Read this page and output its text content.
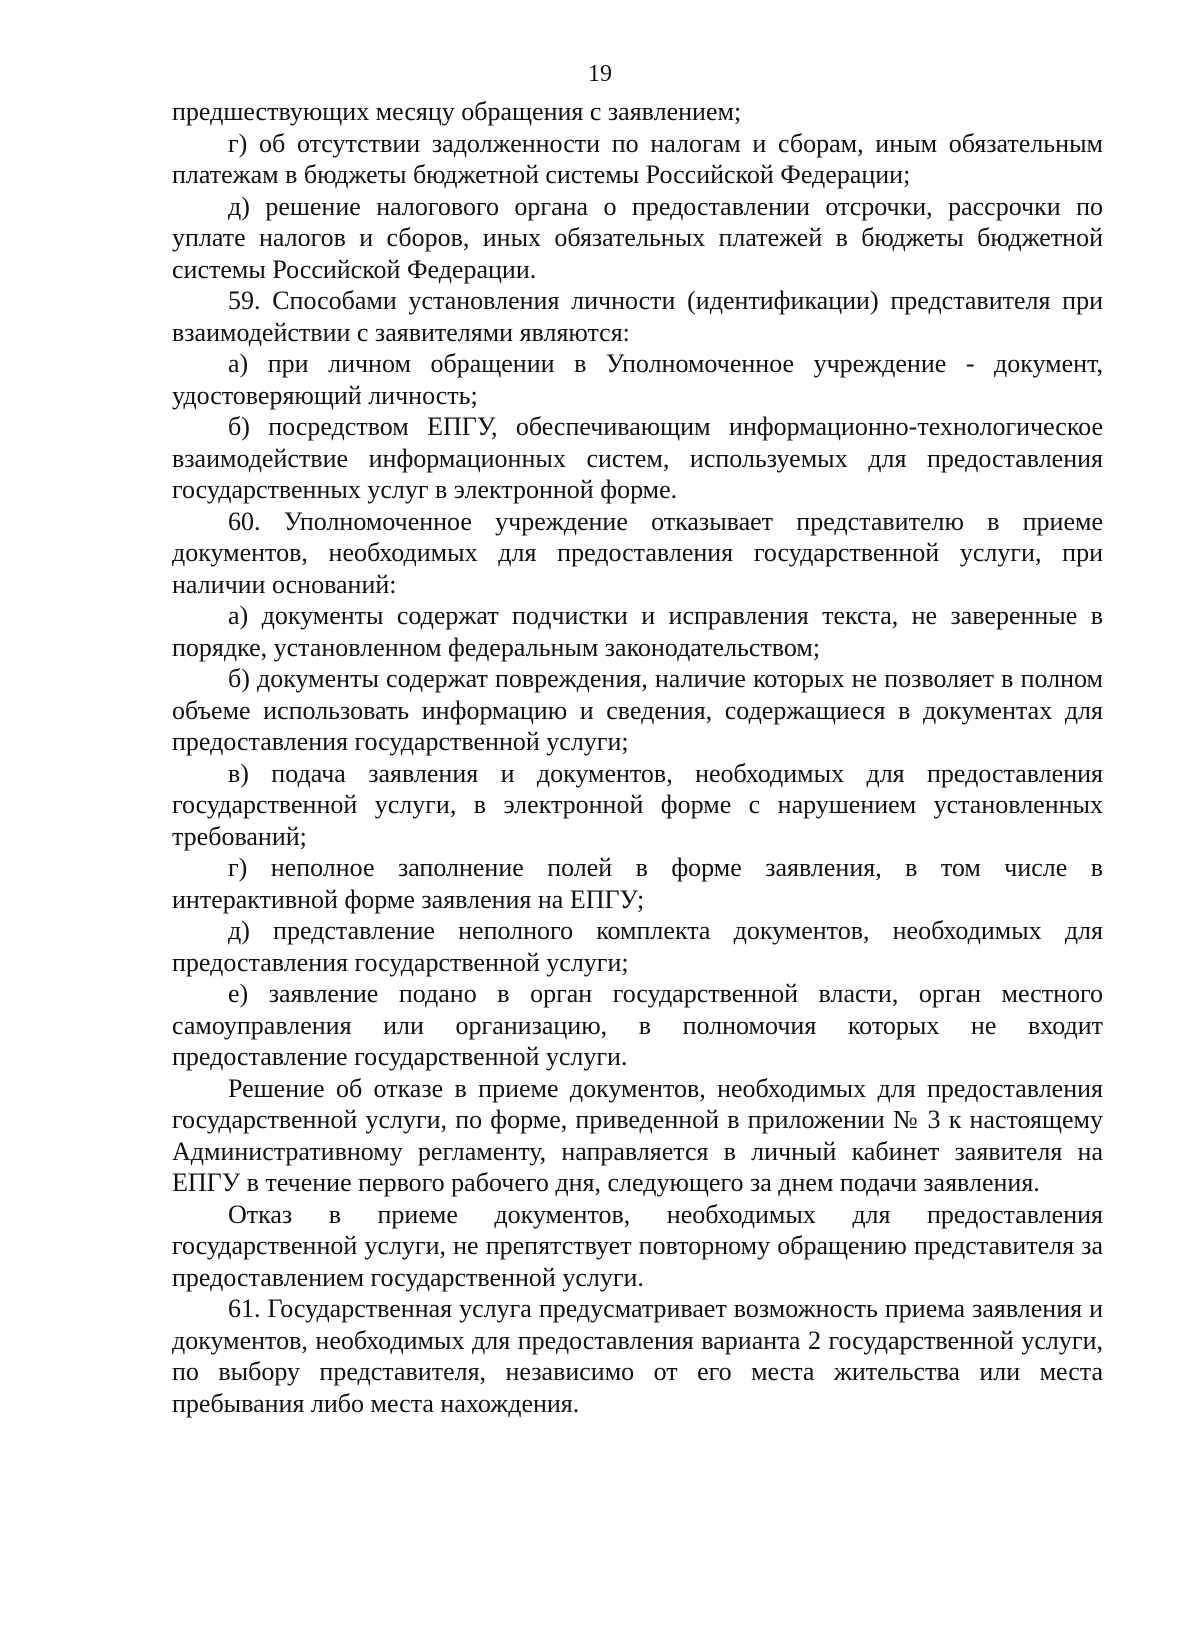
19

предшествующих месяцу обращения с заявлением;

г) об отсутствии задолженности по налогам и сборам, иным обязательным платежам в бюджеты бюджетной системы Российской Федерации;

д) решение налогового органа о предоставлении отсрочки, рассрочки по уплате налогов и сборов, иных обязательных платежей в бюджеты бюджетной системы Российской Федерации.

59. Способами установления личности (идентификации) представителя при взаимодействии с заявителями являются:

а) при личном обращении в Уполномоченное учреждение - документ, удостоверяющий личность;

б) посредством ЕПГУ, обеспечивающим информационно-технологическое взаимодействие информационных систем, используемых для предоставления государственных услуг в электронной форме.

60. Уполномоченное учреждение отказывает представителю в приеме документов, необходимых для предоставления государственной услуги, при наличии оснований:

а) документы содержат подчистки и исправления текста, не заверенные в порядке, установленном федеральным законодательством;

б) документы содержат повреждения, наличие которых не позволяет в полном объеме использовать информацию и сведения, содержащиеся в документах для предоставления государственной услуги;

в) подача заявления и документов, необходимых для предоставления государственной услуги, в электронной форме с нарушением установленных требований;

г) неполное заполнение полей в форме заявления, в том числе в интерактивной форме заявления на ЕПГУ;

д) представление неполного комплекта документов, необходимых для предоставления государственной услуги;

е) заявление подано в орган государственной власти, орган местного самоуправления или организацию, в полномочия которых не входит предоставление государственной услуги.

Решение об отказе в приеме документов, необходимых для предоставления государственной услуги, по форме, приведенной в приложении № 3 к настоящему Административному регламенту, направляется в личный кабинет заявителя на ЕПГУ в течение первого рабочего дня, следующего за днем подачи заявления.

Отказ в приеме документов, необходимых для предоставления государственной услуги, не препятствует повторному обращению представителя за предоставлением государственной услуги.

61. Государственная услуга предусматривает возможность приема заявления и документов, необходимых для предоставления варианта 2 государственной услуги, по выбору представителя, независимо от его места жительства или места пребывания либо места нахождения.
